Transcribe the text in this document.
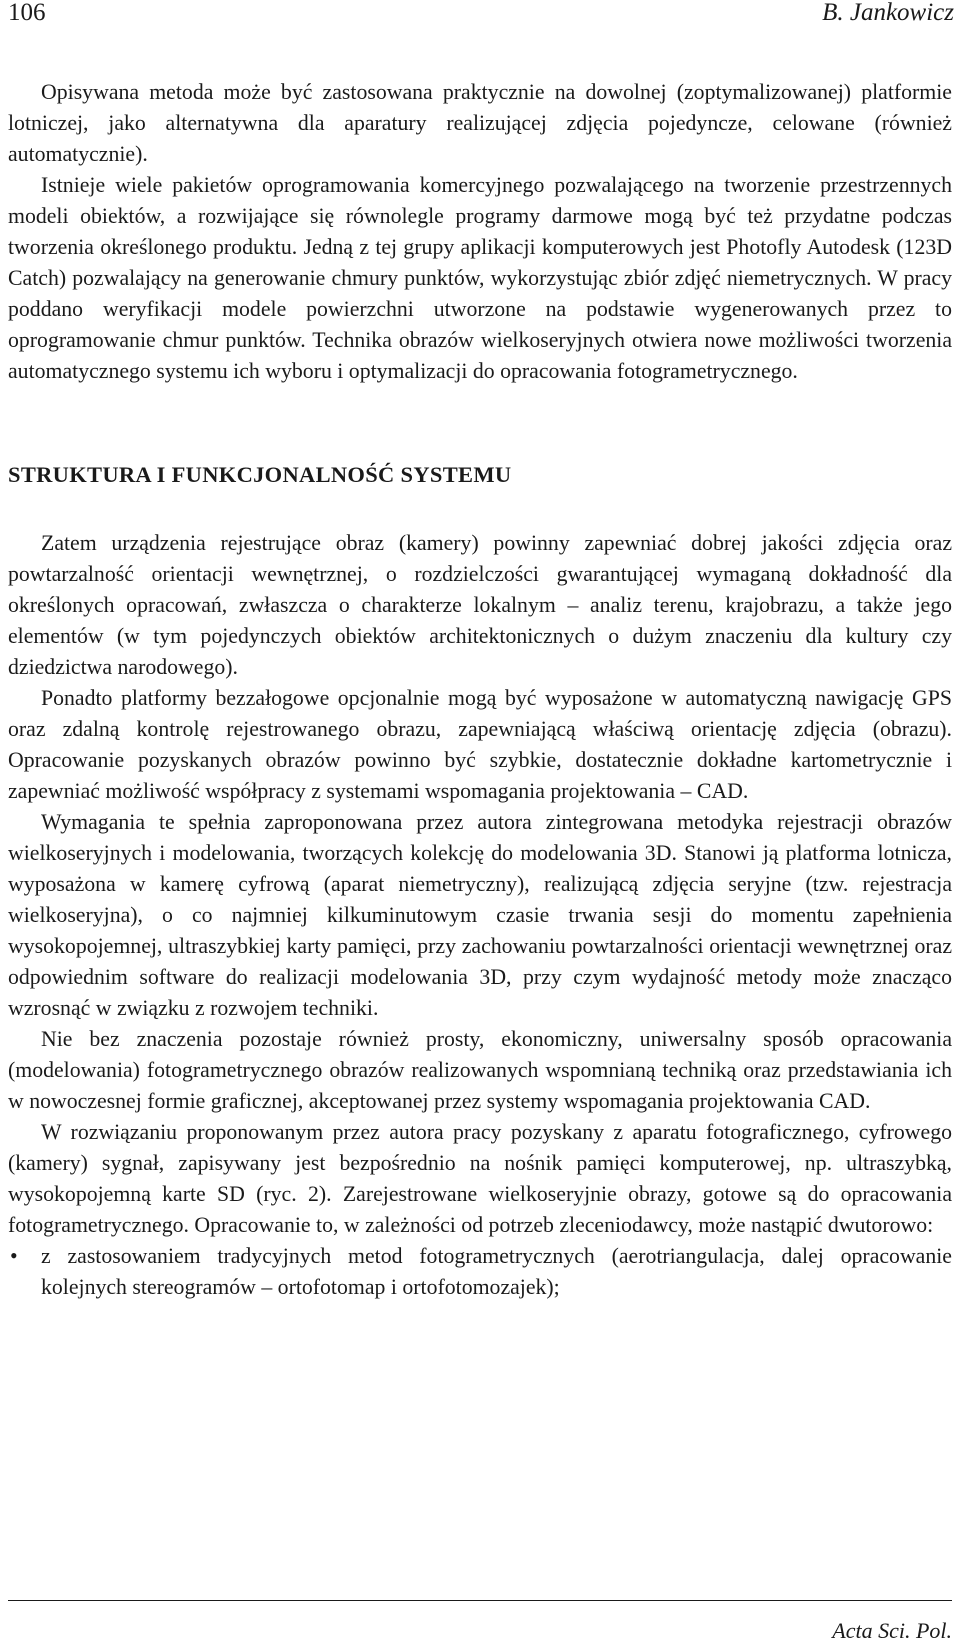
106	B. Jankowicz

Opisywana metoda może być zastosowana praktycznie na dowolnej (zoptymalizowanej) platformie lotniczej, jako alternatywna dla aparatury realizującej zdjęcia pojedyncze, celowane (również automatycznie).

Istnieje wiele pakietów oprogramowania komercyjnego pozwalającego na tworzenie przestrzennych modeli obiektów, a rozwijające się równolegle programy darmowe mogą być też przydatne podczas tworzenia określonego produktu. Jedną z tej grupy aplikacji komputerowych jest Photofly Autodesk (123D Catch) pozwalający na generowanie chmury punktów, wykorzystując zbiór zdjęć niemetrycznych. W pracy poddano weryfikacji modele powierzchni utworzone na podstawie wygenerowanych przez to oprogramowanie chmur punktów. Technika obrazów wielkoseryjnych otwiera nowe możliwości tworzenia automatycznego systemu ich wyboru i optymalizacji do opracowania fotogrametrycznego.

STRUKTURA I FUNKCJONALNOŚĆ SYSTEMU

Zatem urządzenia rejestrujące obraz (kamery) powinny zapewniać dobrej jakości zdjęcia oraz powtarzalność orientacji wewnętrznej, o rozdzielczości gwarantującej wymaganą dokładność dla określonych opracowań, zwłaszcza o charakterze lokalnym – analiz terenu, krajobrazu, a także jego elementów (w tym pojedynczych obiektów architektonicznych o dużym znaczeniu dla kultury czy dziedzictwa narodowego).

Ponadto platformy bezzałogowe opcjonalnie mogą być wyposażone w automatyczną nawigację GPS oraz zdalną kontrolę rejestrowanego obrazu, zapewniającą właściwą orientację zdjęcia (obrazu). Opracowanie pozyskanych obrazów powinno być szybkie, dostatecznie dokładne kartometrycznie i zapewniać możliwość współpracy z systemami wspomagania projektowania – CAD.

Wymagania te spełnia zaproponowana przez autora zintegrowana metodyka rejestracji obrazów wielkoseryjnych i modelowania, tworzących kolekcję do modelowania 3D. Stanowi ją platforma lotnicza, wyposażona w kamerę cyfrową (aparat niemetryczny), realizującą zdjęcia seryjne (tzw. rejestracja wielkoseryjna), o co najmniej kilkuminutowym czasie trwania sesji do momentu zapełnienia wysokopojemnej, ultraszybkiej karty pamięci, przy zachowaniu powtarzalności orientacji wewnętrznej oraz odpowiednim software do realizacji modelowania 3D, przy czym wydajność metody może znacząco wzrosnąć w związku z rozwojem techniki.

Nie bez znaczenia pozostaje również prosty, ekonomiczny, uniwersalny sposób opracowania (modelowania) fotogrametrycznego obrazów realizowanych wspomnianą techniką oraz przedstawiania ich w nowoczesnej formie graficznej, akceptowanej przez systemy wspomagania projektowania CAD.

W rozwiązaniu proponowanym przez autora pracy pozyskany z aparatu fotograficznego, cyfrowego (kamery) sygnał, zapisywany jest bezpośrednio na nośnik pamięci komputerowej, np. ultraszybką, wysokopojemną karte SD (ryc. 2). Zarejestrowane wielkoseryjnie obrazy, gotowe są do opracowania fotogrametrycznego. Opracowanie to, w zależności od potrzeb zleceniodawcy, może nastąpić dwutorowo:

• z zastosowaniem tradycyjnych metod fotogrametrycznych (aerotriangulacja, dalej opracowanie kolejnych stereogramów – ortofotomap i ortofotomozajek);
Acta Sci. Pol.
